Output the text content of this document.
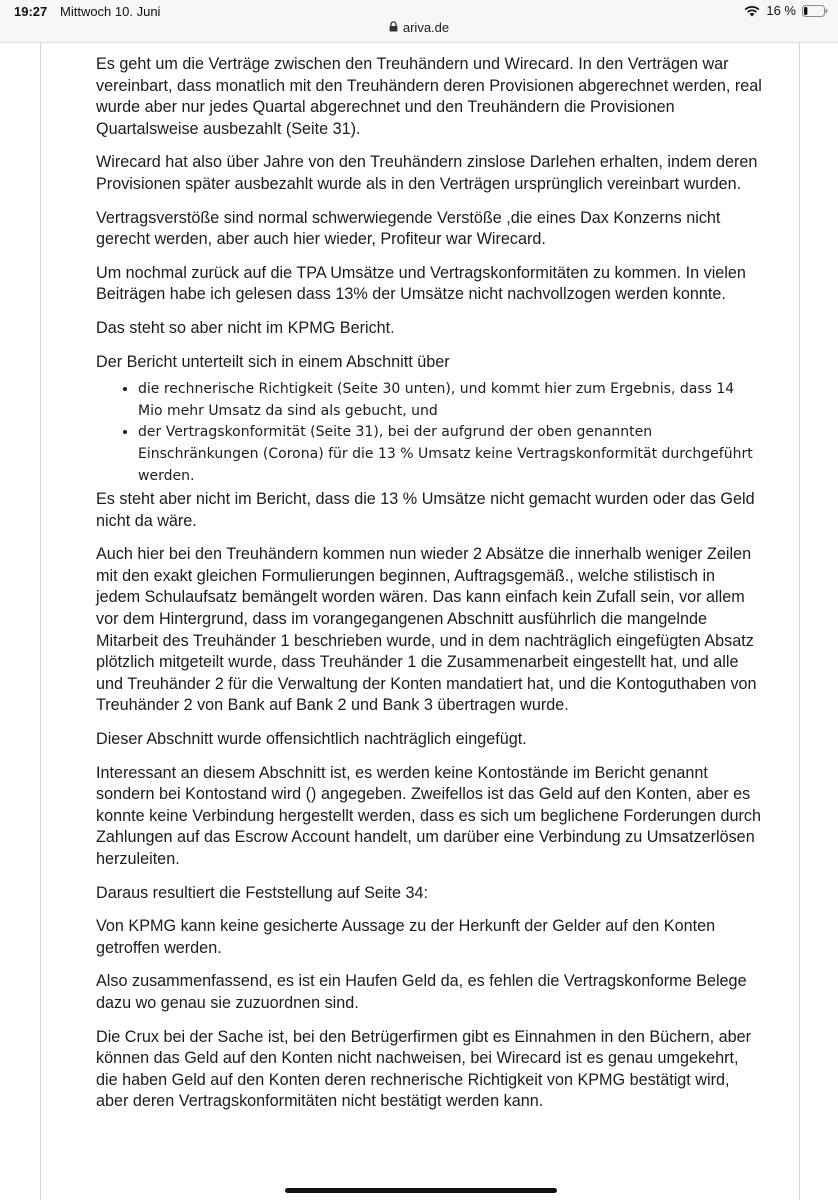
19:27 Mittwoch 10. Juni	16 %
ariva.de

Es geht um die Verträge zwischen den Treuhändern und Wirecard. In den Verträgen war vereinbart, dass monatlich mit den Treuhändern deren Provisionen abgerechnet werden, real wurde aber nur jedes Quartal abgerechnet und den Treuhändern die Provisionen Quartalsweise ausbezahlt (Seite 31).

Wirecard hat also über Jahre von den Treuhändern zinslose Darlehen erhalten, indem deren Provisionen später ausbezahlt wurde als in den Verträgen ursprünglich vereinbart wurden.

Vertragsverstöße sind normal schwerwiegende Verstöße ,die eines Dax Konzerns nicht gerecht werden, aber auch hier wieder, Profiteur war Wirecard.

Um nochmal zurück auf die TPA Umsätze und Vertragskonformitäten zu kommen. In vielen Beiträgen habe ich gelesen dass 13% der Umsätze nicht nachvollzogen werden konnte.

Das steht so aber nicht im KPMG Bericht.

Der Bericht unterteilt sich in einem Abschnitt über

• die rechnerische Richtigkeit (Seite 30 unten), und kommt hier zum Ergebnis, dass 14 Mio mehr Umsatz da sind als gebucht, und
• der Vertragskonformität (Seite 31), bei der aufgrund der oben genannten Einschränkungen (Corona) für die 13 % Umsatz keine Vertragskonformität durchgeführt werden.

Es steht aber nicht im Bericht, dass die 13 % Umsätze nicht gemacht wurden oder das Geld nicht da wäre.

Auch hier bei den Treuhändern kommen nun wieder 2 Absätze die innerhalb weniger Zeilen mit den exakt gleichen Formulierungen beginnen, Auftragsgemäß., welche stilistisch in jedem Schulaufsatz bemängelt worden wären. Das kann einfach kein Zufall sein, vor allem vor dem Hintergrund, dass im vorangegangenen Abschnitt ausführlich die mangelnde Mitarbeit des Treuhänder 1 beschrieben wurde, und in dem nachträglich eingefügten Absatz plötzlich mitgeteilt wurde, dass Treuhänder 1 die Zusammenarbeit eingestellt hat, und alle und Treuhänder 2 für die Verwaltung der Konten mandatiert hat, und die Kontoguthaben von Treuhänder 2 von Bank auf Bank 2 und Bank 3 übertragen wurde.

Dieser Abschnitt wurde offensichtlich nachträglich eingefügt.

Interessant an diesem Abschnitt ist, es werden keine Kontostände im Bericht genannt sondern bei Kontostand wird () angegeben. Zweifellos ist das Geld auf den Konten, aber es konnte keine Verbindung hergestellt werden, dass es sich um beglichene Forderungen durch Zahlungen auf das Escrow Account handelt, um darüber eine Verbindung zu Umsatzerlösen herzuleiten.

Daraus resultiert die Feststellung auf Seite 34:

Von KPMG kann keine gesicherte Aussage zu der Herkunft der Gelder auf den Konten getroffen werden.

Also zusammenfassend, es ist ein Haufen Geld da, es fehlen die Vertragskonforme Belege dazu wo genau sie zuzuordnen sind.

Die Crux bei der Sache ist, bei den Betrügerfirmen gibt es Einnahmen in den Büchern, aber können das Geld auf den Konten nicht nachweisen, bei Wirecard ist es genau umgekehrt, die haben Geld auf den Konten deren rechnerische Richtigkeit von KPMG bestätigt wird, aber deren Vertragskonformitäten nicht bestätigt werden kann.
